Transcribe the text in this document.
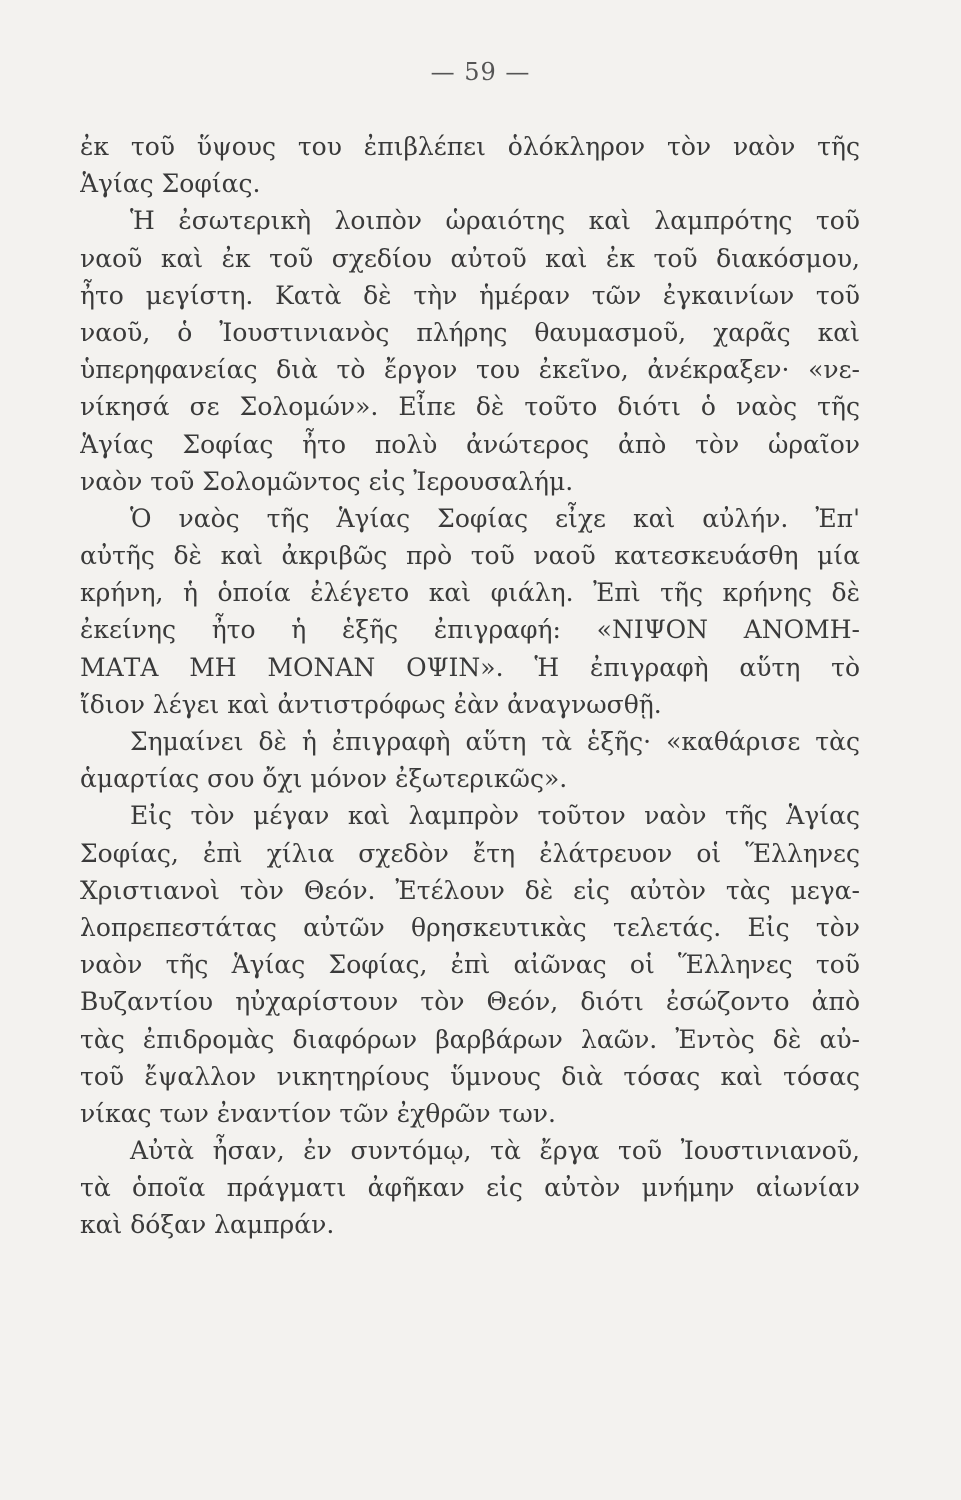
— 59 —
ἐκ τοῦ ὕψους του ἐπιβλέπει ὁλόκληρον τὸν ναὸν τῆς
Ἁγίας Σοφίας.
Ἡ ἐσωτερικὴ λοιπὸν ὡραιότης καὶ λαμπρότης τοῦ
ναοῦ καὶ ἐκ τοῦ σχεδίου αὐτοῦ καὶ ἐκ τοῦ διακόσμου,
ἦτο μεγίστη. Κατὰ δὲ τὴν ἡμέραν τῶν ἐγκαινίων τοῦ
ναοῦ, ὁ Ἰουστινιανὸς πλήρης θαυμασμοῦ, χαρᾶς καὶ
ὑπερηφανείας διὰ τὸ ἔργον του ἐκεῖνο, ἀνέκραξεν· «νε-
νίκησά σε Σολομών». Εἶπε δὲ τοῦτο διότι ὁ ναὸς τῆς
Ἁγίας Σοφίας ἦτο πολὺ ἀνώτερος ἀπὸ τὸν ὡραῖον
ναὸν τοῦ Σολομῶντος εἰς Ἰερουσαλήμ.
Ὁ ναὸς τῆς Ἁγίας Σοφίας εἶχε καὶ αὐλήν. Ἐπ'
αὐτῆς δὲ καὶ ἀκριβῶς πρὸ τοῦ ναοῦ κατεσκευάσθη μία
κρήνη, ἡ ὁποία ἐλέγετο καὶ φιάλη. Ἐπὶ τῆς κρήνης δὲ
ἐκείνης ἦτο ἡ ἑξῆς ἐπιγραφή: «ΝΙΨΟΝ ΑΝΟΜΗ-
ΜΑΤΑ ΜΗ ΜΟΝΑΝ ΟΨΙΝ». Ἡ ἐπιγραφὴ αὕτη τὸ
ἴδιον λέγει καὶ ἀντιστρόφως ἐὰν ἀναγνωσθῇ.
Σημαίνει δὲ ἡ ἐπιγραφὴ αὕτη τὰ ἑξῆς· «καθάρισε τὰς
ἁμαρτίας σου ὄχι μόνον ἐξωτερικῶς».
Εἰς τὸν μέγαν καὶ λαμπρὸν τοῦτον ναὸν τῆς Ἁγίας
Σοφίας, ἐπὶ χίλια σχεδὸν ἔτη ἐλάτρευον οἱ Ἕλληνες
Χριστιανοὶ τὸν Θεόν. Ἐτέλουν δὲ εἰς αὐτὸν τὰς μεγα-
λοπρεπεστάτας αὐτῶν θρησκευτικὰς τελετάς. Εἰς τὸν
ναὸν τῆς Ἁγίας Σοφίας, ἐπὶ αἰῶνας οἱ Ἕλληνες τοῦ
Βυζαντίου ηὐχαρίστουν τὸν Θεόν, διότι ἐσώζοντο ἀπὸ
τὰς ἐπιδρομὰς διαφόρων βαρβάρων λαῶν. Ἐντὸς δὲ αὐ-
τοῦ ἔψαλλον νικητηρίους ὕμνους διὰ τόσας καὶ τόσας
νίκας των ἐναντίον τῶν ἐχθρῶν των.
Αὐτὰ ἦσαν, ἐν συντόμῳ, τὰ ἔργα τοῦ Ἰουστινιανοῦ,
τὰ ὁποῖα πράγματι ἀφῆκαν εἰς αὐτὸν μνήμην αἰωνίαν
καὶ δόξαν λαμπράν.
